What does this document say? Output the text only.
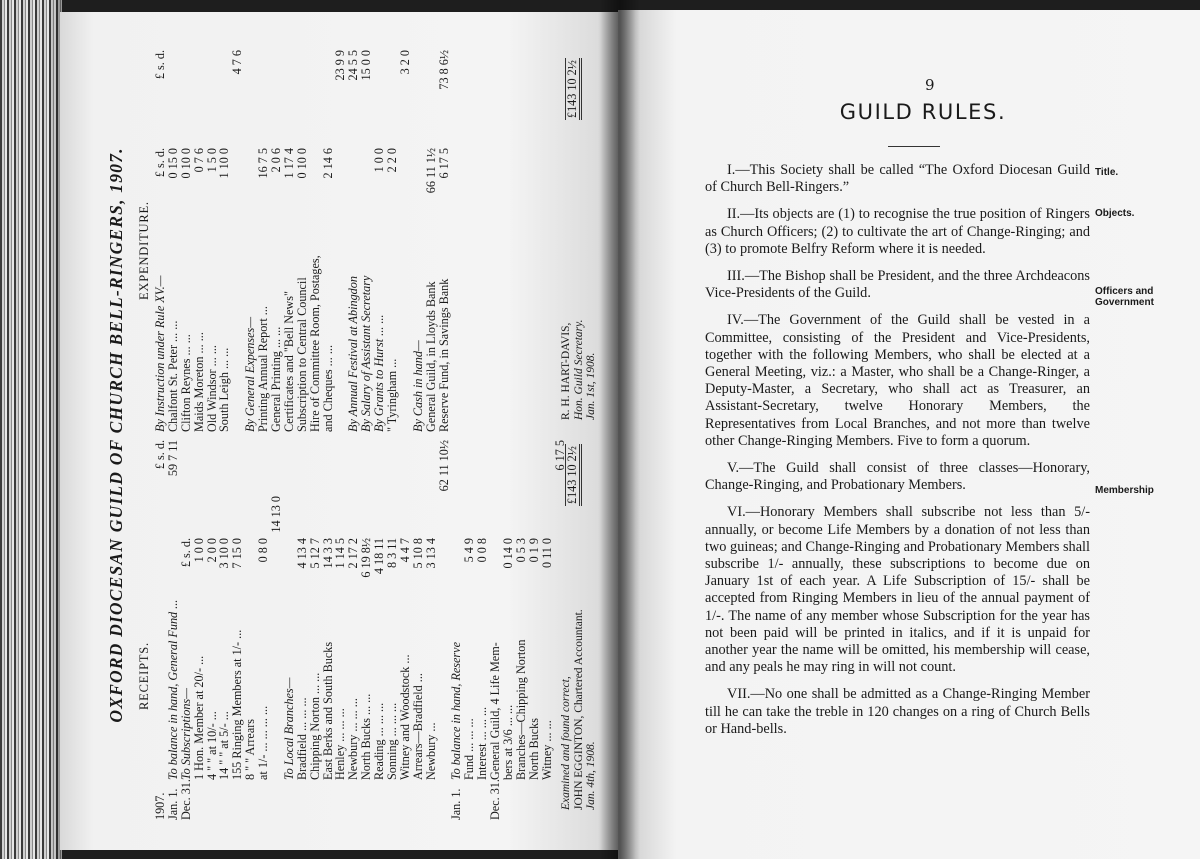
OXFORD DIOCESAN GUILD OF CHURCH BELL-RINGERS, 1907. RECEIPTS.
EXPENDITURE.
1907.
£ s. d.
Jan. 1.
To balance in hand, General Fund ...
59 7 11
Dec. 31.
To Subscriptions—
£ s. d.
1 Hon. Member at 20/- ...
1 0 0
4 " " at 10/- ...
2 0 0
14 " " at 5/- ...
3 10 0
155 Ringing Members at 1/- ...
7 15 0
8 " " Arrears
at 1/- ... ... ... ...
0 8 0
14 13 0
To Local Branches—
Bradfield ... ... ...
4 13 4
Chipping Norton ... ...
5 12 7
East Berks and South Bucks
14 3 3
Henley ... ... ...
1 14 5
Newbury ... ... ...
2 17 2
North Bucks ... ...
6 19 8½
Reading ... ... ...
4 18 11
Sonning ... ... ...
8 3 11
Witney and Woodstock ...
4 4 7
Arrears—Bradfield ...
5 10 8
Newbury ...
3 13 4
62 11 10½
Jan. 1.
To balance in hand, Reserve
Fund ... ... ...
5 4 9
Interest ... ... ...
0 0 8
Dec. 31.
General Guild, 4 Life Mem-
bers at 3/6 ... ...
0 14 0
Branches—Chipping Norton
0 5 3
North Bucks
0 1 9
Witney ... ...
0 11 0
6 17 5
By Instruction under Rule XV.—
£ s. d.
£ s. d.
Chalfont St. Peter ... ...
0 15 0
Clifton Reynes ... ...
0 10 0
Maids Moreton ... ...
0 7 6
Old Windsor ... ...
1 5 0
South Leigh ... ...
1 10 0
4 7 6
By General Expenses—
Printing Annual Report ...
16 7 5
General Printing ... ...
2 0 6
Certificates and "Bell News"
1 17 4
Subscription to Central Council
0 10 0
Hire of Committee Room, Postages,
and Cheques ... ...
2 14 6
23 9 9
By Annual Festival at Abingdon
24 5 5
By Salary of Assistant Secretary
15 0 0
By Grants to Hurst ... ...
1 0 0
" Tyringham ...
2 2 0
3 2 0
By Cash in hand—
General Guild, in Lloyds Bank
66 11 1½
Reserve Fund, in Savings Bank
6 17 5
73 8 6½
£143 10 2½
£143 10 2½
Examined and found correct, JOHN EGGINTON, Chartered Accountant. Jan. 4th, 1908.
R. H. HART-DAVIS, Hon. Guild Secretary. Jan. 1st, 1908.
9
GUILD RULES.

I.—This Society shall be called “The Oxford Diocesan Guild of Church Bell-Ringers.”

II.—Its objects are (1) to recognise the true position of Ringers as Church Officers; (2) to cultivate the art of Change-Ringing; and (3) to promote Belfry Reform where it is needed.

III.—The Bishop shall be President, and the three Archdeacons Vice-Presidents of the Guild.

IV.—The Government of the Guild shall be vested in a Committee, consisting of the President and Vice-Presidents, together with the following Members, who shall be elected at a General Meeting, viz.: a Master, who shall be a Change-Ringer, a Deputy-Master, a Secretary, who shall act as Treasurer, an Assistant-Secretary, twelve Honorary Members, the Representatives from Local Branches, and not more than twelve other Change-Ringing Members. Five to form a quorum.

V.—The Guild shall consist of three classes—Honorary, Change-Ringing, and Probationary Members.

VI.—Honorary Members shall subscribe not less than 5/- annually, or become Life Members by a donation of not less than two guineas; and Change-Ringing and Probationary Members shall subscribe 1/- annually, these subscriptions to become due on January 1st of each year. A Life Subscription of 15/- shall be accepted from Ringing Members in lieu of the annual payment of 1/-. The name of any member whose Subscription for the year has not been paid will be printed in italics, and if it is unpaid for another year the name will be omitted, his membership will cease, and any peals he may ring in will not count.

VII.—No one shall be admitted as a Change-Ringing Member till he can take the treble in 120 changes on a ring of Church Bells or Hand-bells.

Title.
Objects.
Officers and Government
Membership
